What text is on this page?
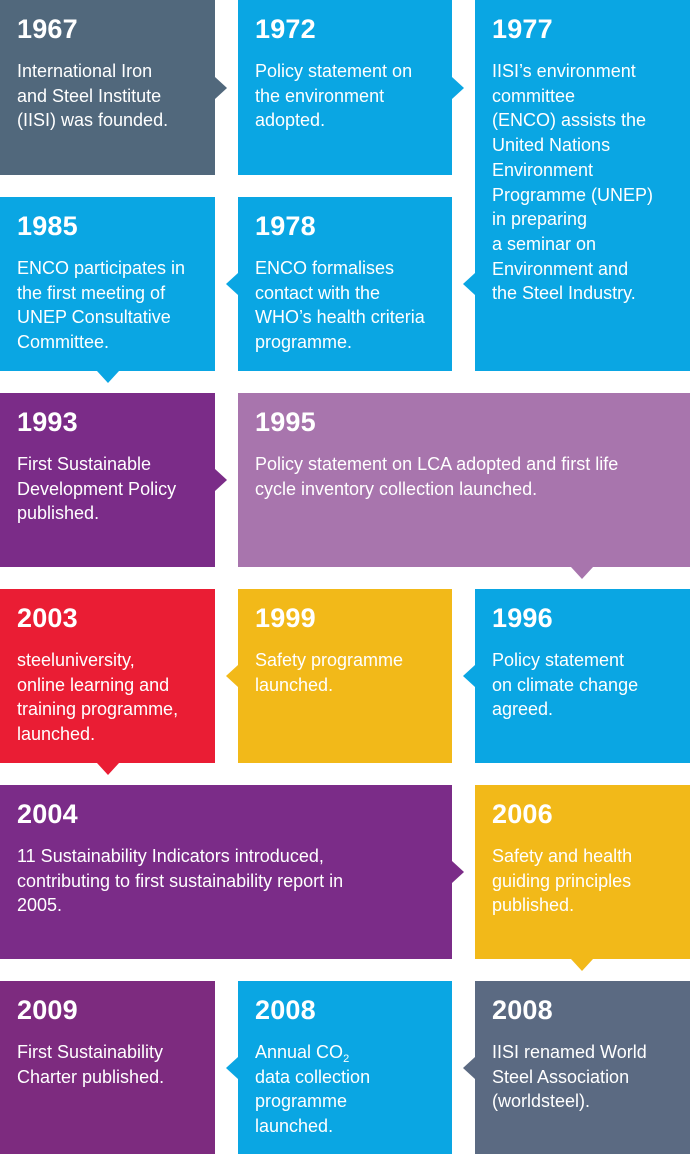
1967
International Iron
and Steel Institute
(IISI) was founded.
1972
Policy statement on
the environment
adopted.
1977
IISI’s environment
committee
(ENCO) assists the
United Nations
Environment
Programme (UNEP)
in preparing
a seminar on
Environment and
the Steel Industry.
1985
ENCO participates in
the first meeting of
UNEP Consultative
Committee.
1978
ENCO formalises
contact with the
WHO’s health criteria
programme.
1993
First Sustainable
Development Policy
published.
1995
Policy statement on LCA adopted and first life
cycle inventory collection launched.
2003
steeluniversity,
online learning and
training programme,
launched.
1999
Safety programme
launched.
1996
Policy statement
on climate change
agreed.
2004
11 Sustainability Indicators introduced,
contributing to first sustainability report in
2005.
2006
Safety and health
guiding principles
published.
2009
First Sustainability
Charter published.
2008
Annual $CO_2$
data collection
programme
launched.
2008
IISI renamed World
Steel Association
(worldsteel).
